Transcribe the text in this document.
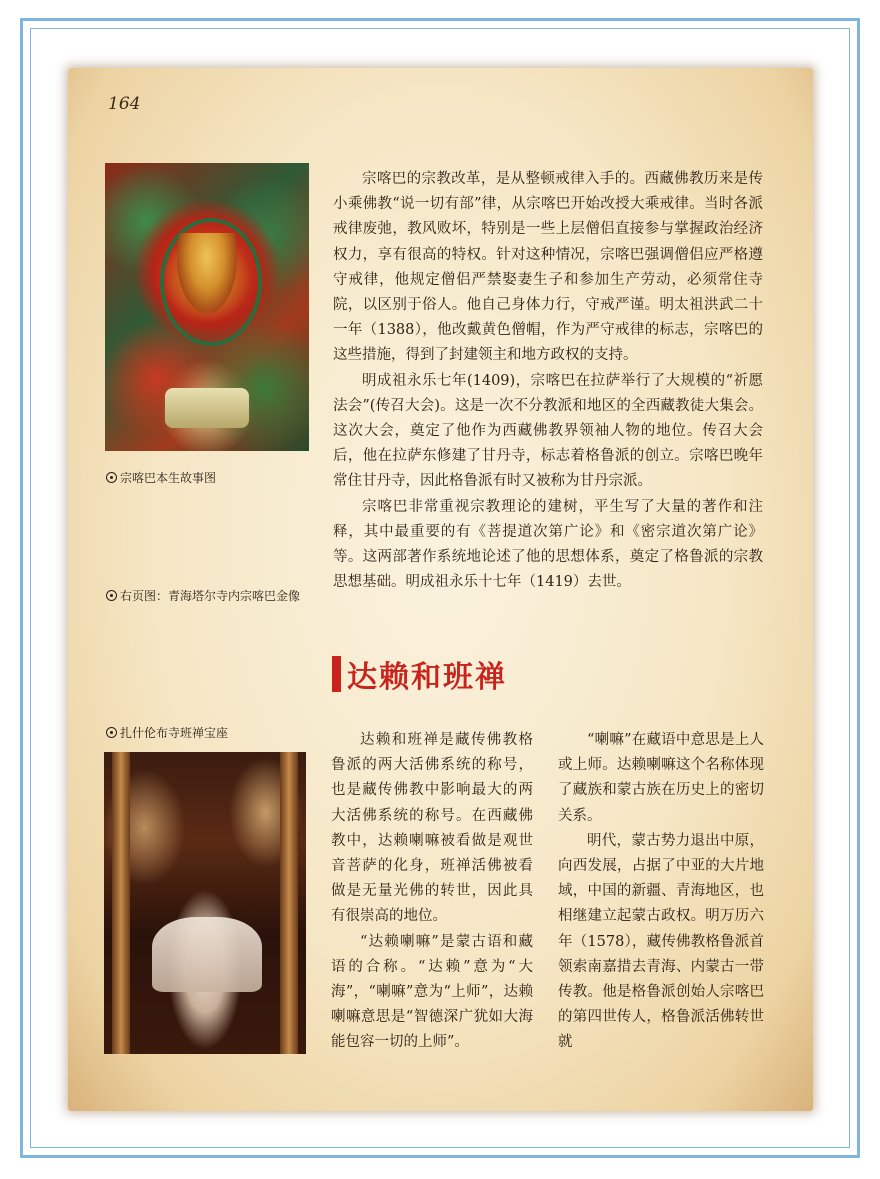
164
宗喀巴本生故事图
右页图：青海塔尔寺内宗喀巴金像
扎什伦布寺班禅宝座

宗喀巴的宗教改革，是从整顿戒律入手的。西藏佛教历来是传小乘佛教“说一切有部”律，从宗喀巴开始改授大乘戒律。当时各派戒律废弛，教风败坏，特别是一些上层僧侣直接参与掌握政治经济权力，享有很高的特权。针对这种情况，宗喀巴强调僧侣应严格遵守戒律，他规定僧侣严禁娶妻生子和参加生产劳动，必须常住寺院，以区别于俗人。他自己身体力行，守戒严谨。明太祖洪武二十一年（1388），他改戴黄色僧帽，作为严守戒律的标志，宗喀巴的这些措施，得到了封建领主和地方政权的支持。

明成祖永乐七年(1409)，宗喀巴在拉萨举行了大规模的“祈愿法会”(传召大会)。这是一次不分教派和地区的全西藏教徒大集会。这次大会，奠定了他作为西藏佛教界领袖人物的地位。传召大会后，他在拉萨东修建了甘丹寺，标志着格鲁派的创立。宗喀巴晚年常住甘丹寺，因此格鲁派有时又被称为甘丹宗派。

宗喀巴非常重视宗教理论的建树，平生写了大量的著作和注释，其中最重要的有《菩提道次第广论》和《密宗道次第广论》等。这两部著作系统地论述了他的思想体系，奠定了格鲁派的宗教思想基础。明成祖永乐十七年（1419）去世。

达赖和班禅

达赖和班禅是藏传佛教格鲁派的两大活佛系统的称号，也是藏传佛教中影响最大的两大活佛系统的称号。在西藏佛教中，达赖喇嘛被看做是观世音菩萨的化身，班禅活佛被看做是无量光佛的转世，因此具有很崇高的地位。

“达赖喇嘛”是蒙古语和藏语的合称。“达赖”意为“大海”，“喇嘛”意为“上师”，达赖喇嘛意思是“智德深广犹如大海能包容一切的上师”。

“喇嘛”在藏语中意思是上人或上师。达赖喇嘛这个名称体现了藏族和蒙古族在历史上的密切关系。

明代，蒙古势力退出中原，向西发展，占据了中亚的大片地域，中国的新疆、青海地区，也相继建立起蒙古政权。明万历六年（1578），藏传佛教格鲁派首领索南嘉措去青海、内蒙古一带传教。他是格鲁派创始人宗喀巴的第四世传人，格鲁派活佛转世就
